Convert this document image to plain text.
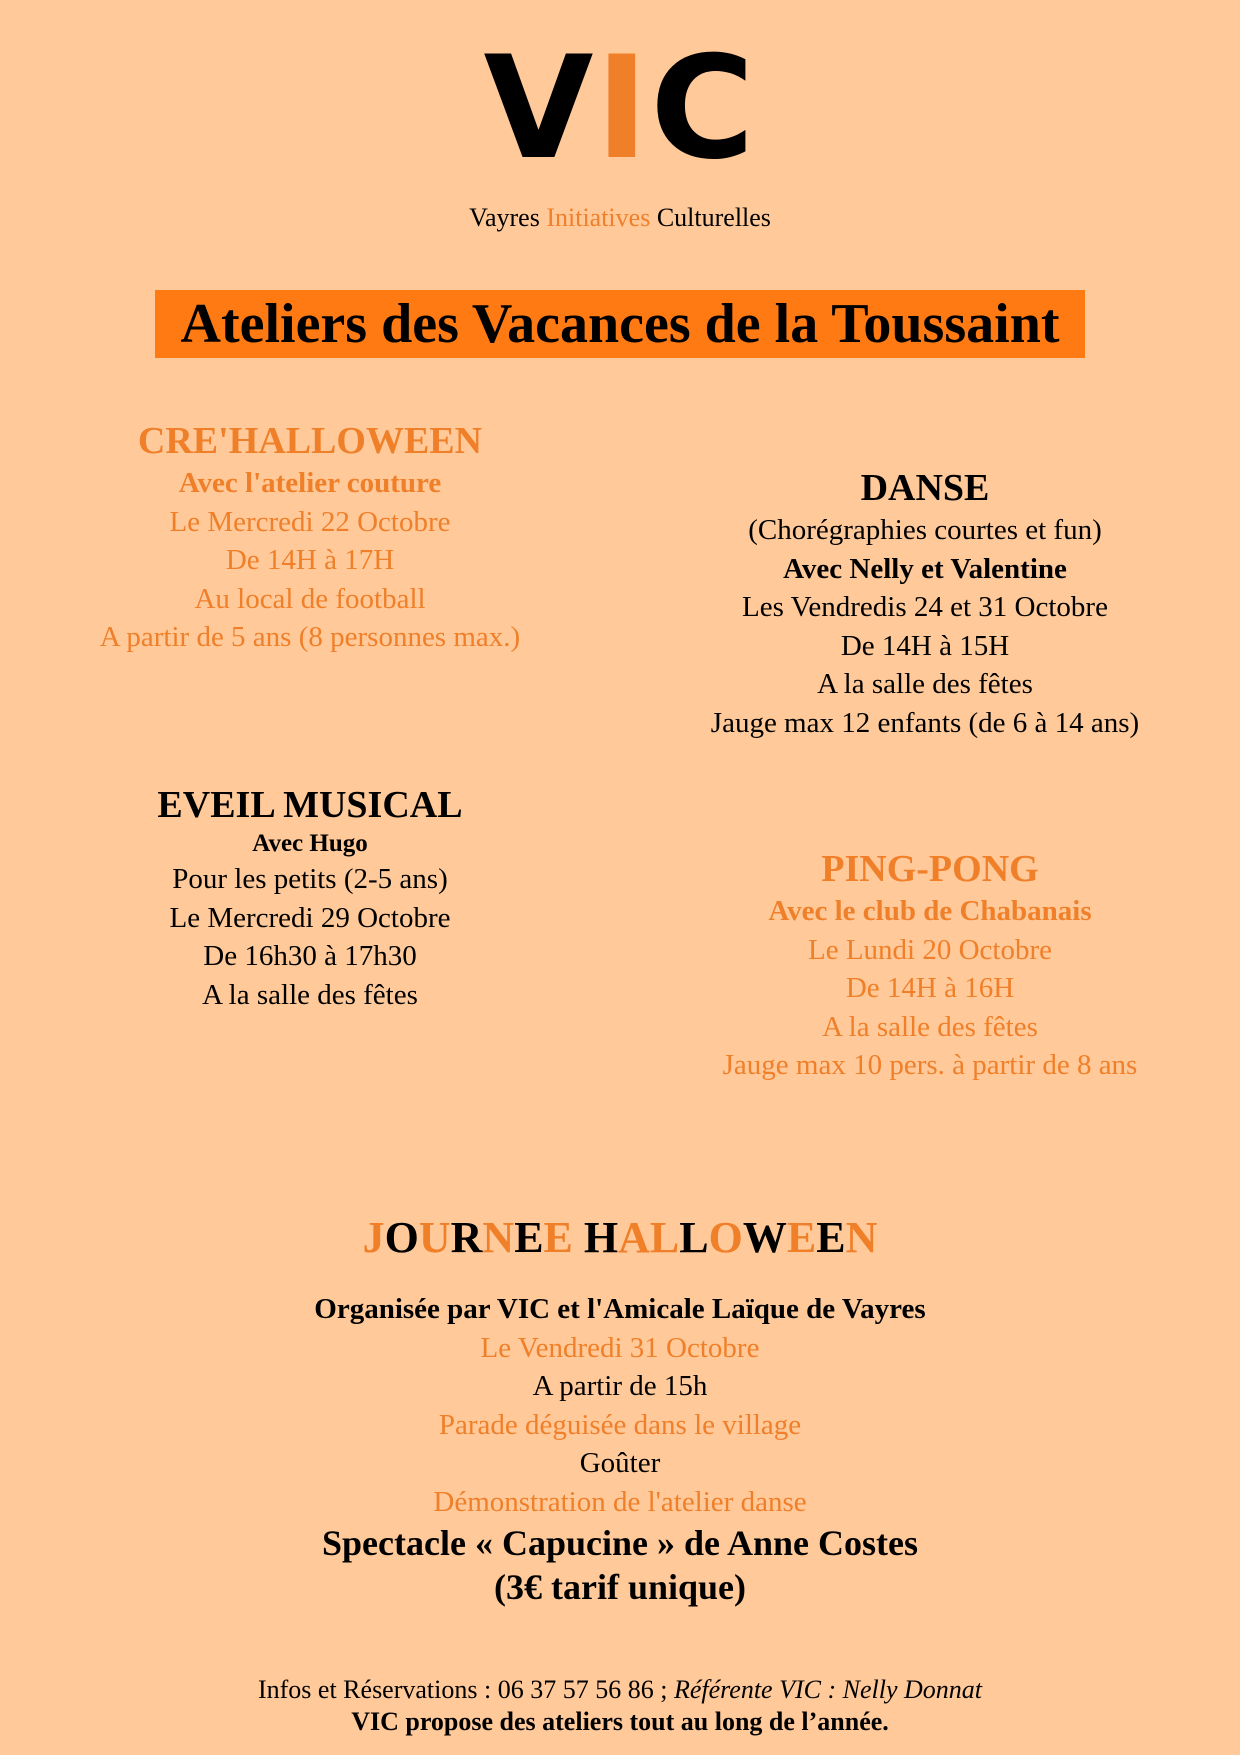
VIC
Vayres Initiatives Culturelles
Ateliers des Vacances de la Toussaint
CRE'HALLOWEEN
Avec l'atelier couture
Le Mercredi 22 Octobre
De 14H à 17H
Au local de football
A partir de 5 ans (8 personnes max.)
DANSE
(Chorégraphies courtes et fun)
Avec Nelly et Valentine
Les Vendredis 24 et 31 Octobre
De 14H à 15H
A la salle des fêtes
Jauge max 12 enfants (de 6 à 14 ans)
EVEIL MUSICAL
Avec Hugo
Pour les petits (2-5 ans)
Le Mercredi 29 Octobre
De 16h30 à 17h30
A la salle des fêtes
PING-PONG
Avec le club de Chabanais
Le Lundi 20 Octobre
De 14H à 16H
A la salle des fêtes
Jauge max 10 pers. à partir de 8 ans
JOURNEE HALLOWEEN
Organisée par VIC et l'Amicale Laïque de Vayres
Le Vendredi 31 Octobre
A partir de 15h
Parade déguisée dans le village
Goûter
Démonstration de l'atelier danse
Spectacle « Capucine » de Anne Costes
(3€ tarif unique)
Infos et Réservations : 06 37 57 56 86 ; Référente VIC : Nelly Donnat
VIC propose des ateliers tout au long de l’année.
